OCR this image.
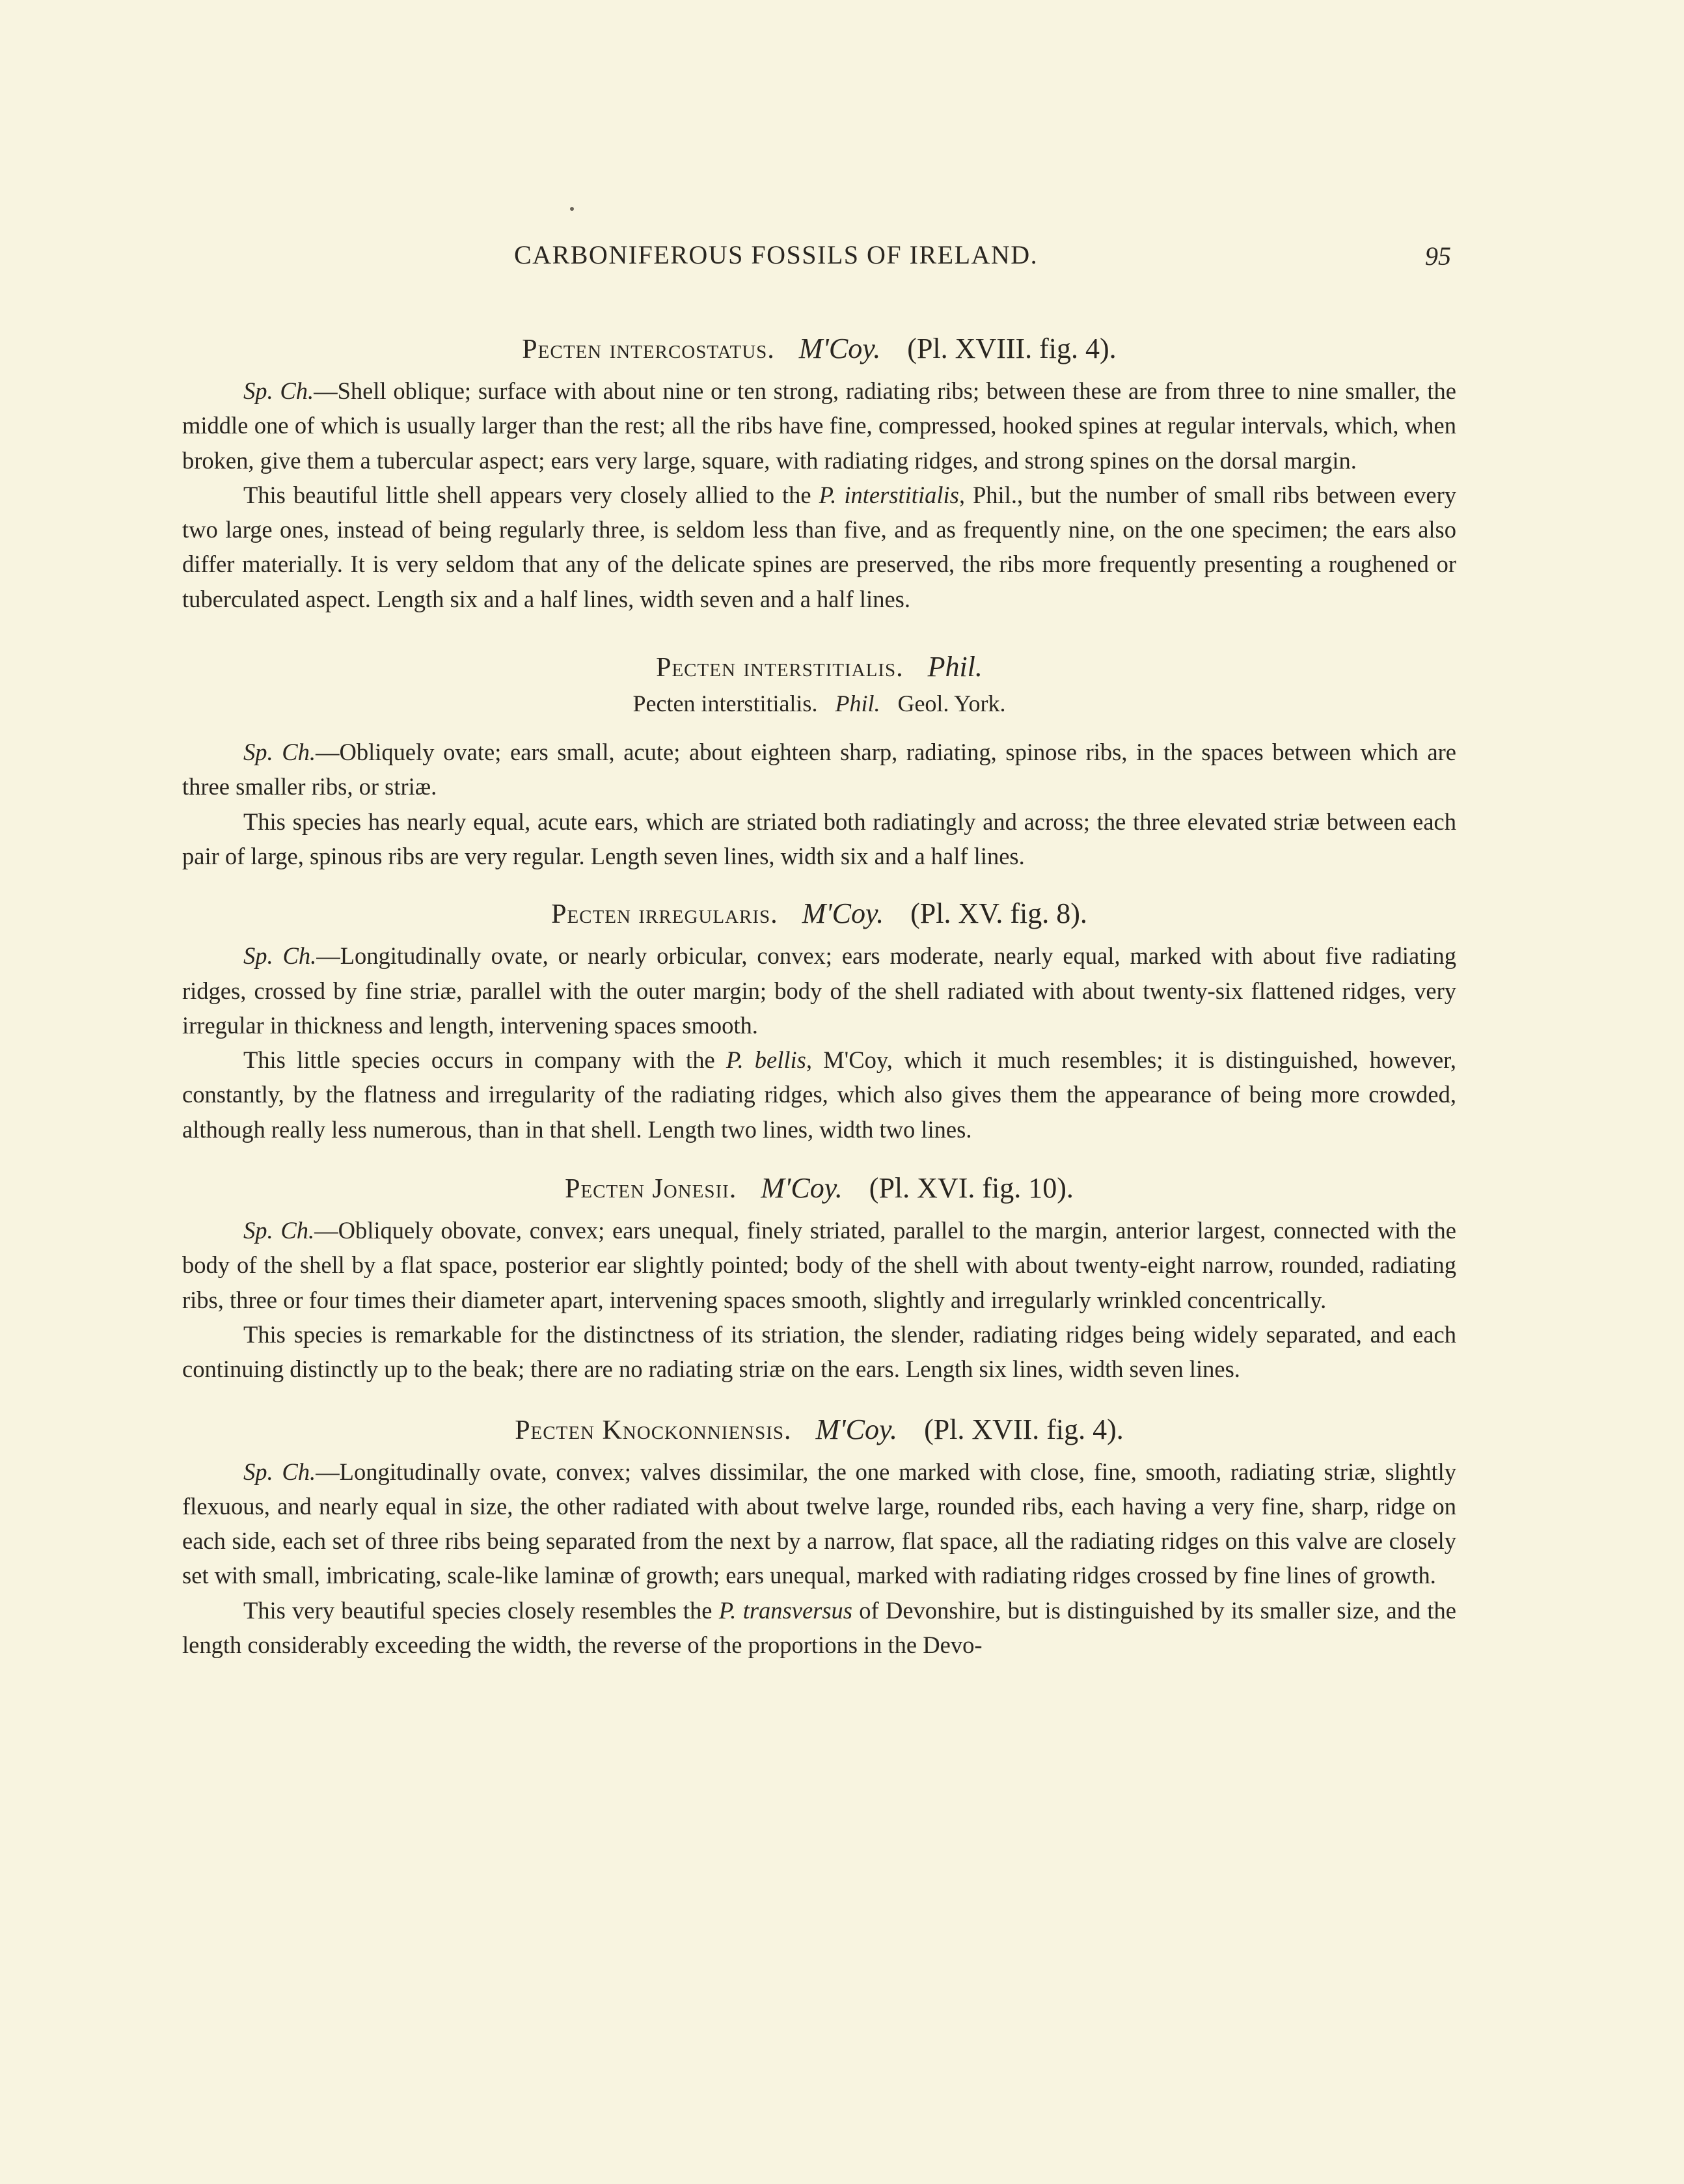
CARBONIFEROUS FOSSILS OF IRELAND.	95
Pecten intercostatus. M'Coy. (Pl. XVIII. fig. 4).

Sp. Ch.—Shell oblique; surface with about nine or ten strong, radiating ribs; between these are from three to nine smaller, the middle one of which is usually larger than the rest; all the ribs have fine, compressed, hooked spines at regular intervals, which, when broken, give them a tubercular aspect; ears very large, square, with radiating ridges, and strong spines on the dorsal margin.

This beautiful little shell appears very closely allied to the P. interstitialis, Phil., but the number of small ribs between every two large ones, instead of being regularly three, is seldom less than five, and as frequently nine, on the one specimen; the ears also differ materially. It is very seldom that any of the delicate spines are preserved, the ribs more frequently presenting a roughened or tuberculated aspect. Length six and a half lines, width seven and a half lines.

Pecten interstitialis. Phil.
Pecten interstitialis. Phil. Geol. York.

Sp. Ch.—Obliquely ovate; ears small, acute; about eighteen sharp, radiating, spinose ribs, in the spaces between which are three smaller ribs, or striæ.

This species has nearly equal, acute ears, which are striated both radiatingly and across; the three elevated striæ between each pair of large, spinous ribs are very regular. Length seven lines, width six and a half lines.

Pecten irregularis. M'Coy. (Pl. XV. fig. 8).

Sp. Ch.—Longitudinally ovate, or nearly orbicular, convex; ears moderate, nearly equal, marked with about five radiating ridges, crossed by fine striæ, parallel with the outer margin; body of the shell radiated with about twenty-six flattened ridges, very irregular in thickness and length, intervening spaces smooth.

This little species occurs in company with the P. bellis, M'Coy, which it much resembles; it is distinguished, however, constantly, by the flatness and irregularity of the radiating ridges, which also gives them the appearance of being more crowded, although really less numerous, than in that shell. Length two lines, width two lines.

Pecten Jonesii. M'Coy. (Pl. XVI. fig. 10).

Sp. Ch.—Obliquely obovate, convex; ears unequal, finely striated, parallel to the margin, anterior largest, connected with the body of the shell by a flat space, posterior ear slightly pointed; body of the shell with about twenty-eight narrow, rounded, radiating ribs, three or four times their diameter apart, intervening spaces smooth, slightly and irregularly wrinkled concentrically.

This species is remarkable for the distinctness of its striation, the slender, radiating ridges being widely separated, and each continuing distinctly up to the beak; there are no radiating striæ on the ears. Length six lines, width seven lines.

Pecten Knockonniensis. M'Coy. (Pl. XVII. fig. 4).

Sp. Ch.—Longitudinally ovate, convex; valves dissimilar, the one marked with close, fine, smooth, radiating striæ, slightly flexuous, and nearly equal in size, the other radiated with about twelve large, rounded ribs, each having a very fine, sharp, ridge on each side, each set of three ribs being separated from the next by a narrow, flat space, all the radiating ridges on this valve are closely set with small, imbricating, scale-like laminæ of growth; ears unequal, marked with radiating ridges crossed by fine lines of growth.

This very beautiful species closely resembles the P. transversus of Devonshire, but is distinguished by its smaller size, and the length considerably exceeding the width, the reverse of the proportions in the Devo-
